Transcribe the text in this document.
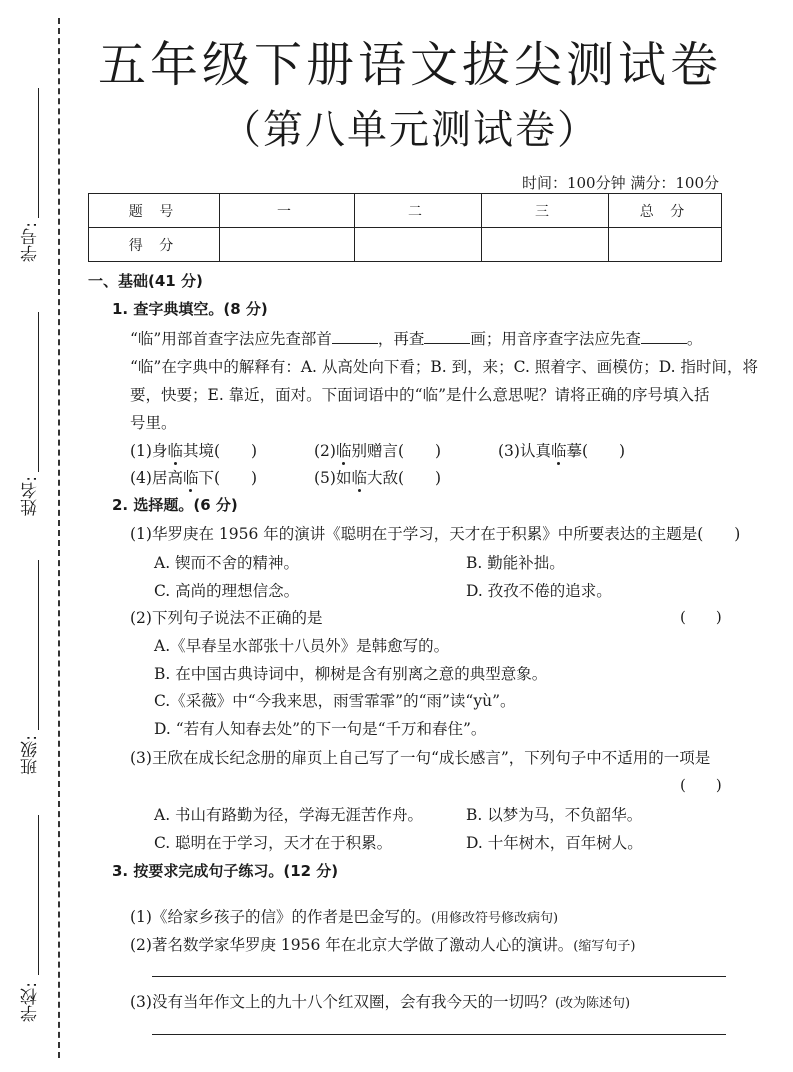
学号:
姓名:
班级:
学校:
五年级下册语文拔尖测试卷
（第八单元测试卷）
时间：100分钟 满分：100分
题 号	一	二	三	总 分
得 分				
一、基础(41 分)
1. 查字典填空。(8 分)
“临”用部首查字法应先查部首	，再查	画；用音序查字法应先查	。
“临”在字典中的解释有：A. 从高处向下看；B. 到，来；C. 照着字、画模仿；D. 指时间，将
要，快要；E. 靠近，面对。下面词语中的“临”是什么意思呢？请将正确的序号填入括
号里。
(1)身临其境(　　)	(2)临别赠言(　　)	(3)认真临摹(　　)
(4)居高临下(　　)	(5)如临大敌(　　)
2. 选择题。(6 分)
(1)华罗庚在 1956 年的演讲《聪明在于学习，天才在于积累》中所要表达的主题是(　　)
A. 锲而不舍的精神。	B. 勤能补拙。
C. 高尚的理想信念。	D. 孜孜不倦的追求。
(2)下列句子说法不正确的是	(　　)
A.《早春呈水部张十八员外》是韩愈写的。
B. 在中国古典诗词中，柳树是含有别离之意的典型意象。
C.《采薇》中“今我来思，雨雪霏霏”的“雨”读“yù”。
D. “若有人知春去处”的下一句是“千万和春住”。
(3)王欣在成长纪念册的扉页上自己写了一句“成长感言”，下列句子中不适用的一项是
(　　)
A. 书山有路勤为径，学海无涯苦作舟。	B. 以梦为马，不负韶华。
C. 聪明在于学习，天才在于积累。	D. 十年树木，百年树人。
3. 按要求完成句子练习。(12 分)
(1)《给家乡孩子的信》的作者是巴金写的。(用修改符号修改病句)
(2)著名数学家华罗庚 1956 年在北京大学做了激动人心的演讲。(缩写句子)
(3)没有当年作文上的九十八个红双圈，会有我今天的一切吗？(改为陈述句)
